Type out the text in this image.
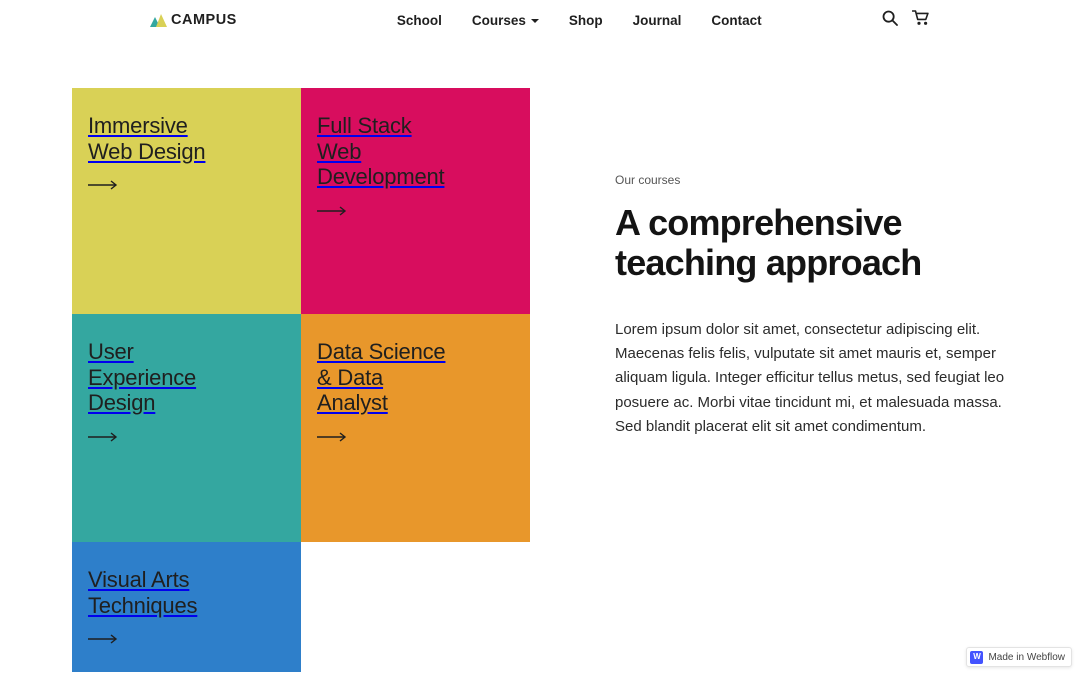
CAMPUS	School Courses	Shop Journal Contact
Immersive
Web Design
Full Stack
Web
Development
User
Experience
Design
Data Science
& Data
Analyst
Visual Arts
Techniques
Our courses
A comprehensive teaching approach

Lorem ipsum dolor sit amet, consectetur adipiscing elit. Maecenas felis felis, vulputate sit amet mauris et, semper aliquam ligula. Integer efficitur tellus metus, sed feugiat leo posuere ac. Morbi vitae tincidunt mi, et malesuada massa. Sed blandit placerat elit sit amet condimentum.

W Made in Webflow
